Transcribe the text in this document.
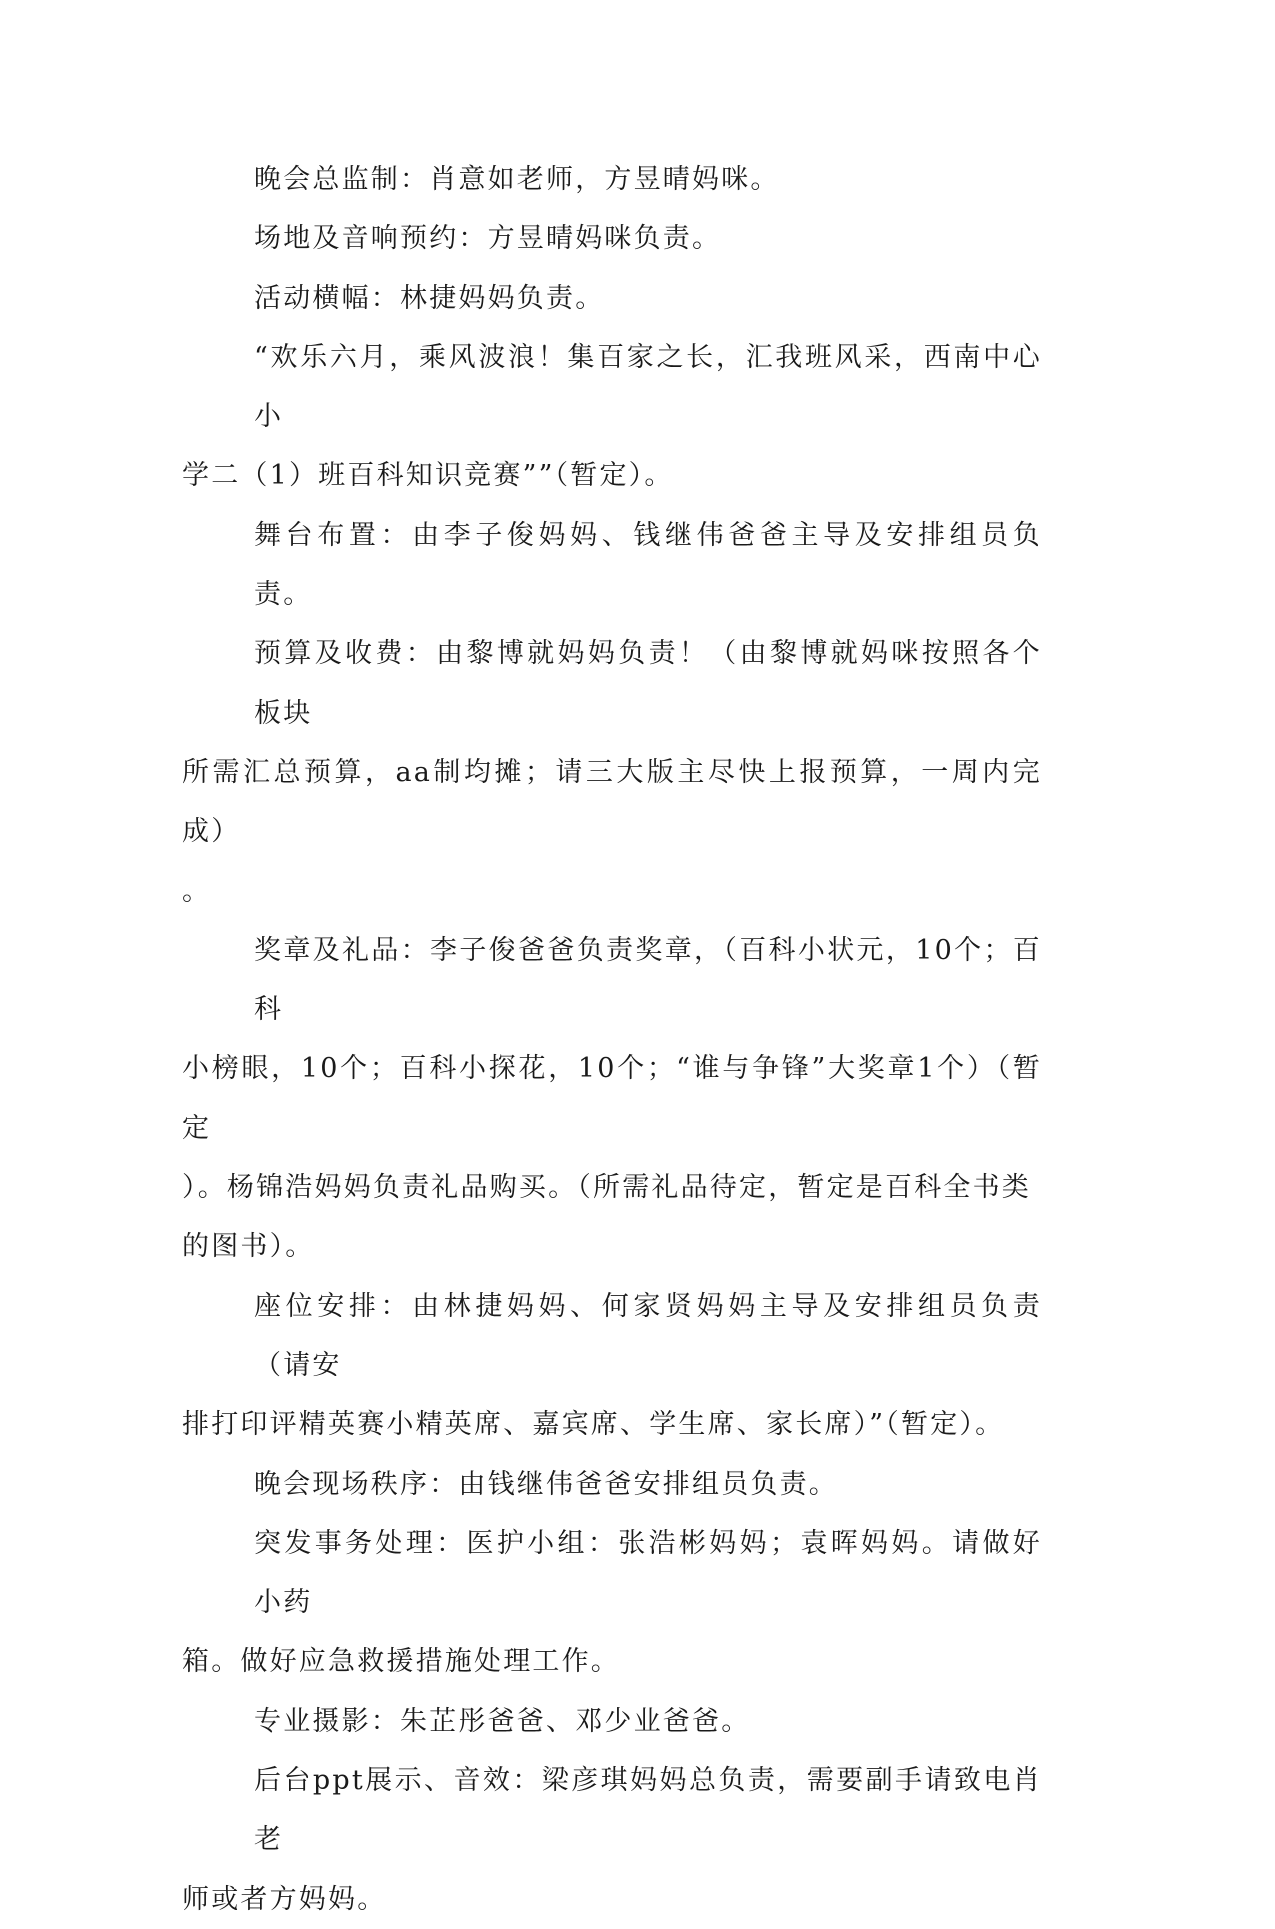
晚会总监制：肖意如老师，方昱晴妈咪。

场地及音响预约：方昱晴妈咪负责。

活动横幅：林捷妈妈负责。

“欢乐六月，乘风波浪！集百家之长，汇我班风采，西南中心小
学二（1）班百科知识竞赛””（暂定）。

舞台布置：由李子俊妈妈、钱继伟爸爸主导及安排组员负责。

预算及收费：由黎博就妈妈负责！（由黎博就妈咪按照各个板块
所需汇总预算，aa制均摊；请三大版主尽快上报预算，一周内完成）
。

奖章及礼品：李子俊爸爸负责奖章，（百科小状元，10个；百科
小榜眼，10个；百科小探花，10个；“谁与争锋”大奖章1个）（暂定
）。杨锦浩妈妈负责礼品购买。（所需礼品待定，暂定是百科全书类
的图书）。

座位安排：由林捷妈妈、何家贤妈妈主导及安排组员负责（请安
排打印评精英赛小精英席、嘉宾席、学生席、家长席）”（暂定）。

晚会现场秩序：由钱继伟爸爸安排组员负责。

突发事务处理：医护小组：张浩彬妈妈；袁晖妈妈。请做好小药
箱。做好应急救援措施处理工作。

专业摄影：朱芷彤爸爸、邓少业爸爸。

后台ppt展示、音效：梁彦琪妈妈总负责，需要副手请致电肖老
师或者方妈妈。
